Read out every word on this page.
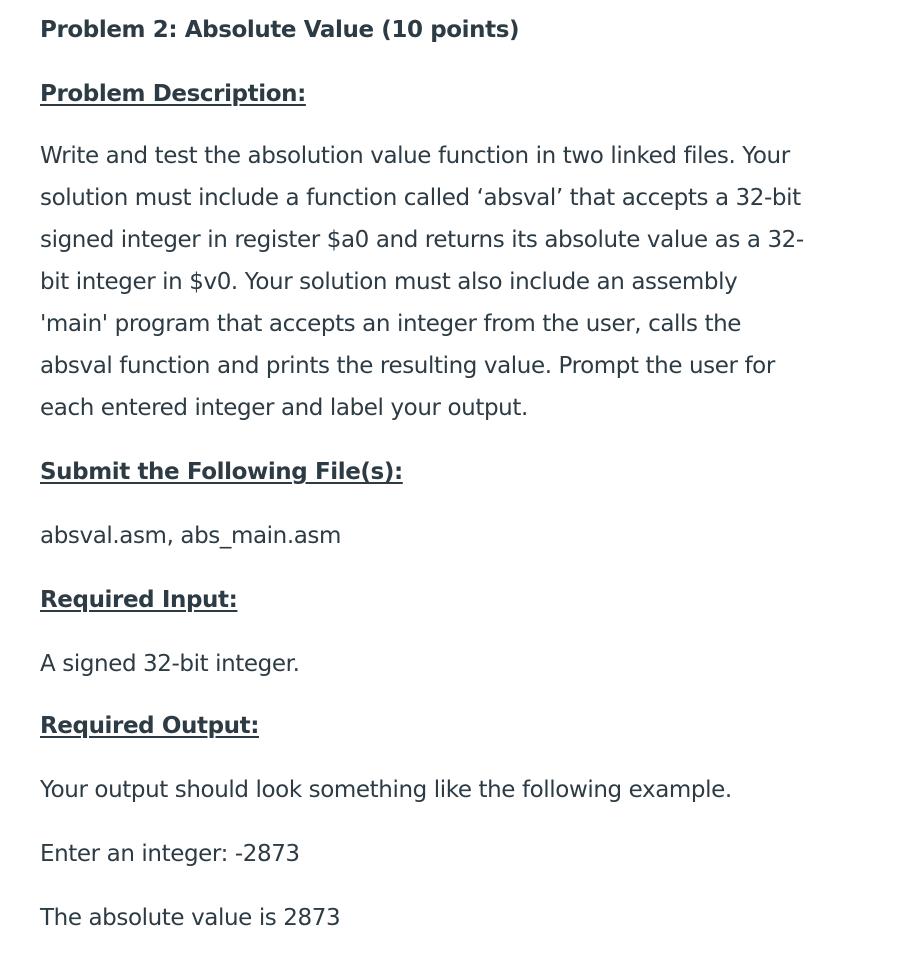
Problem 2: Absolute Value (10 points)
Problem Description:

Write and test the absolution value function in two linked files. Your
solution must include a function called ‘absval’ that accepts a 32-bit
signed integer in register $a0 and returns its absolute value as a 32-
bit integer in $v0. Your solution must also include an assembly
'main' program that accepts an integer from the user, calls the
absval function and prints the resulting value. Prompt the user for
each entered integer and label your output.

Submit the Following File(s):

absval.asm, abs_main.asm

Required Input:

A signed 32-bit integer.

Required Output:

Your output should look something like the following example.

Enter an integer: -2873

The absolute value is 2873
